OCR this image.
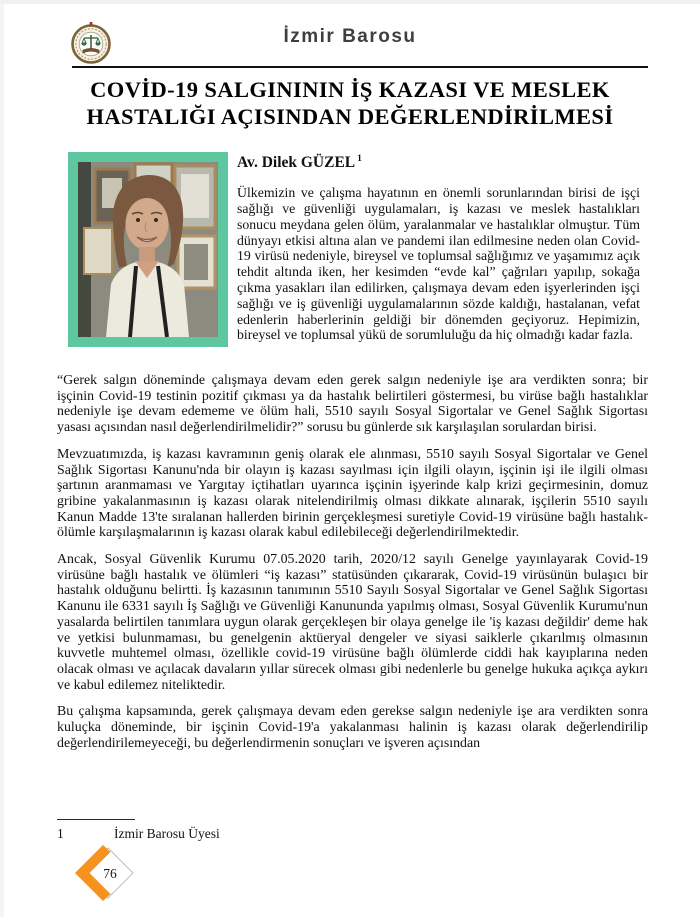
İzmir Barosu
COVİD-19 SALGINININ İŞ KAZASI VE MESLEK
HASTALIĞI AÇISINDAN DEĞERLENDİRİLMESİ
Av. Dilek GÜZEL $^1$

Ülkemizin ve çalışma hayatının en önemli sorunlarından birisi de işçi sağlığı ve güvenliği uygulamaları, iş kazası ve meslek hastalıkları sonucu meydana gelen ölüm, yaralanmalar ve hastalıklar olmuştur. Tüm dünyayı etkisi altına alan ve pandemi ilan edilmesine neden olan Covid-19 virüsü nedeniyle, bireysel ve toplumsal sağlığımız ve yaşamımız açık tehdit altında iken, her kesimden “evde kal” çağrıları yapılıp, sokağa çıkma yasakları ilan edilirken, çalışmaya devam eden işyerlerinden işçi sağlığı ve iş güvenliği uygulamalarının sözde kaldığı, hastalanan, vefat edenlerin haberlerinin geldiği bir dönemden geçiyoruz. Hepimizin, bireysel ve toplumsal yükü de sorumluluğu da hiç olmadığı kadar fazla.

“Gerek salgın döneminde çalışmaya devam eden gerek salgın nedeniyle işe ara verdikten sonra; bir işçinin Covid-19 testinin pozitif çıkması ya da hastalık belirtileri göstermesi, bu virüse bağlı hastalıklar nedeniyle işe devam edememe ve ölüm hali, 5510 sayılı Sosyal Sigortalar ve Genel Sağlık Sigortası yasası açısından nasıl değerlendirilmelidir?” sorusu bu günlerde sık karşılaşılan sorulardan birisi.

Mevzuatımızda, iş kazası kavramının geniş olarak ele alınması, 5510 sayılı Sosyal Sigortalar ve Genel Sağlık Sigortası Kanunu'nda bir olayın iş kazası sayılması için ilgili olayın, işçinin işi ile ilgili olması şartının aranmaması ve Yargıtay içtihatları uyarınca işçinin işyerinde kalp krizi geçirmesinin, domuz gribine yakalanmasının iş kazası olarak nitelendirilmiş olması dikkate alınarak, işçilerin 5510 sayılı Kanun Madde 13'te sıralanan hallerden birinin gerçekleşmesi suretiyle Covid-19 virüsüne bağlı hastalık-ölümle karşılaşmalarının iş kazası olarak kabul edilebileceği değerlendirilmektedir.

Ancak, Sosyal Güvenlik Kurumu 07.05.2020 tarih, 2020/12 sayılı Genelge yayınlayarak Covid-19 virüsüne bağlı hastalık ve ölümleri “iş kazası” statüsünden çıkararak, Covid-19 virüsünün bulaşıcı bir hastalık olduğunu belirtti. İş kazasının tanımının 5510 Sayılı Sosyal Sigortalar ve Genel Sağlık Sigortası Kanunu ile 6331 sayılı İş Sağlığı ve Güvenliği Kanununda yapılmış olması, Sosyal Güvenlik Kurumu'nun yasalarda belirtilen tanımlara uygun olarak gerçekleşen bir olaya genelge ile 'iş kazası değildir' deme hak ve yetkisi bulunmaması, bu genelgenin aktüeryal dengeler ve siyasi saiklerle çıkarılmış olmasının kuvvetle muhtemel olması, özellikle covid-19 virüsüne bağlı ölümlerde ciddi hak kayıplarına neden olacak olması ve açılacak davaların yıllar sürecek olması gibi nedenlerle bu genelge hukuka açıkça aykırı ve kabul edilemez niteliktedir.

Bu çalışma kapsamında, gerek çalışmaya devam eden gerekse salgın nedeniyle işe ara verdikten sonra kuluçka döneminde, bir işçinin Covid-19'a yakalanması halinin iş kazası olarak değerlendirilip değerlendirilemeyeceği, bu değerlendirmenin sonuçları ve işveren açısından

1	İzmir Barosu Üyesi
76
